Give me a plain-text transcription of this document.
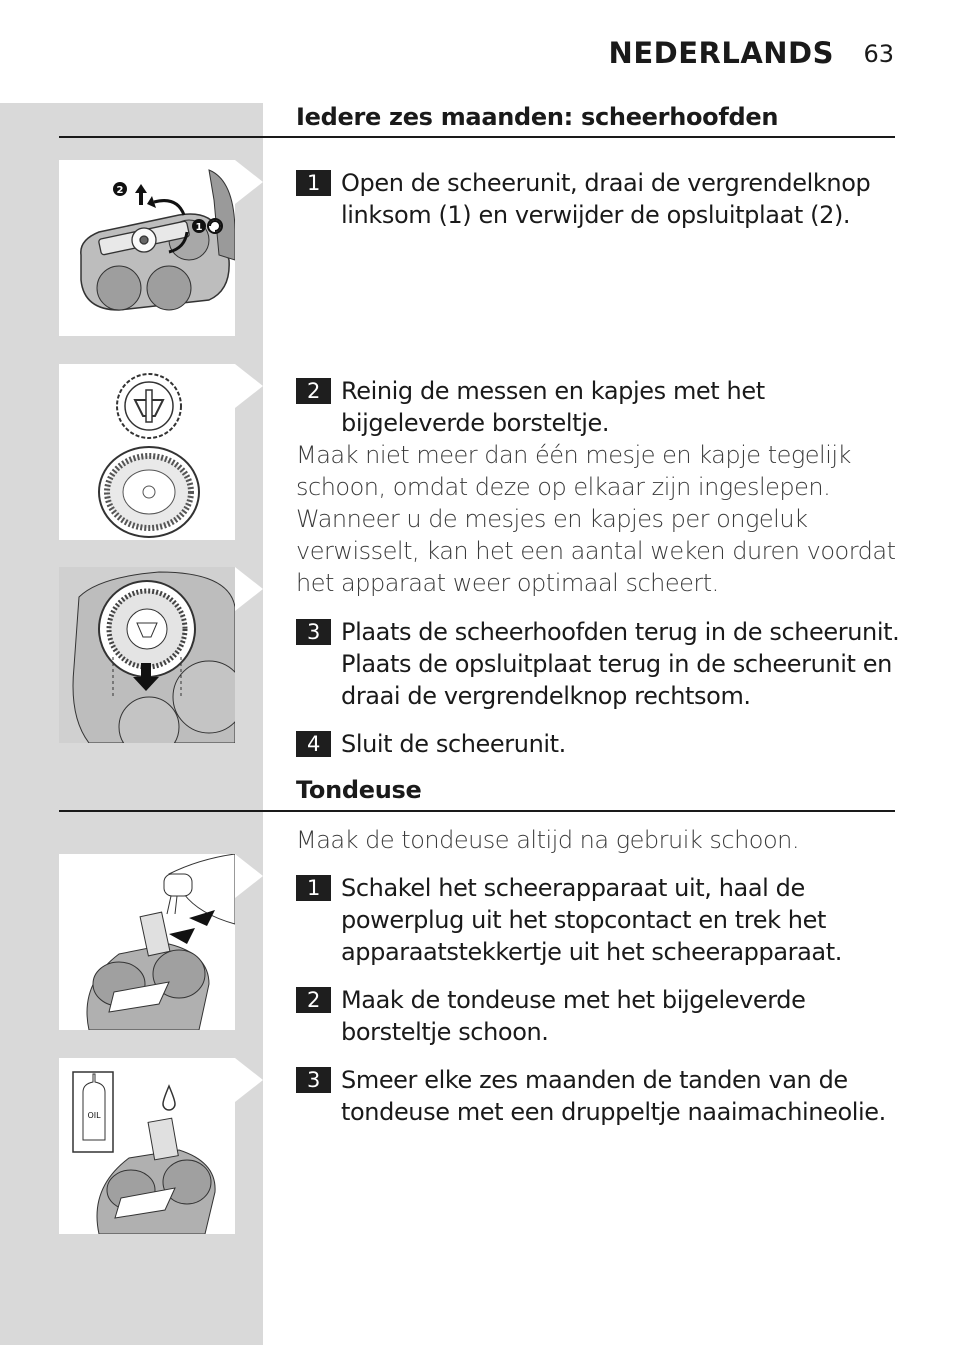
NEDERLANDS	63
Iedere zes maanden: scheerhoofden
2
1
1 Open de scheerunit, draai de vergrendelknop linksom (1) en verwijder de opsluitplaat (2).
2 Reinig de messen en kapjes met het bijgeleverde borsteltje.
Maak niet meer dan één mesje en kapje tegelijk schoon, omdat deze op elkaar zijn ingeslepen. Wanneer u de mesjes en kapjes per ongeluk verwisselt, kan het een aantal weken duren voordat het apparaat weer optimaal scheert.
3 Plaats de scheerhoofden terug in de scheerunit. Plaats de opsluitplaat terug in de scheerunit en draai de vergrendelknop rechtsom.
4 Sluit de scheerunit.
Tondeuse
Maak de tondeuse altijd na gebruik schoon.
1 Schakel het scheerapparaat uit, haal de powerplug uit het stopcontact en trek het apparaatstekkertje uit het scheerapparaat.
2 Maak de tondeuse met het bijgeleverde borsteltje schoon.
OIL
3 Smeer elke zes maanden de tanden van de tondeuse met een druppeltje naaimachineolie.
